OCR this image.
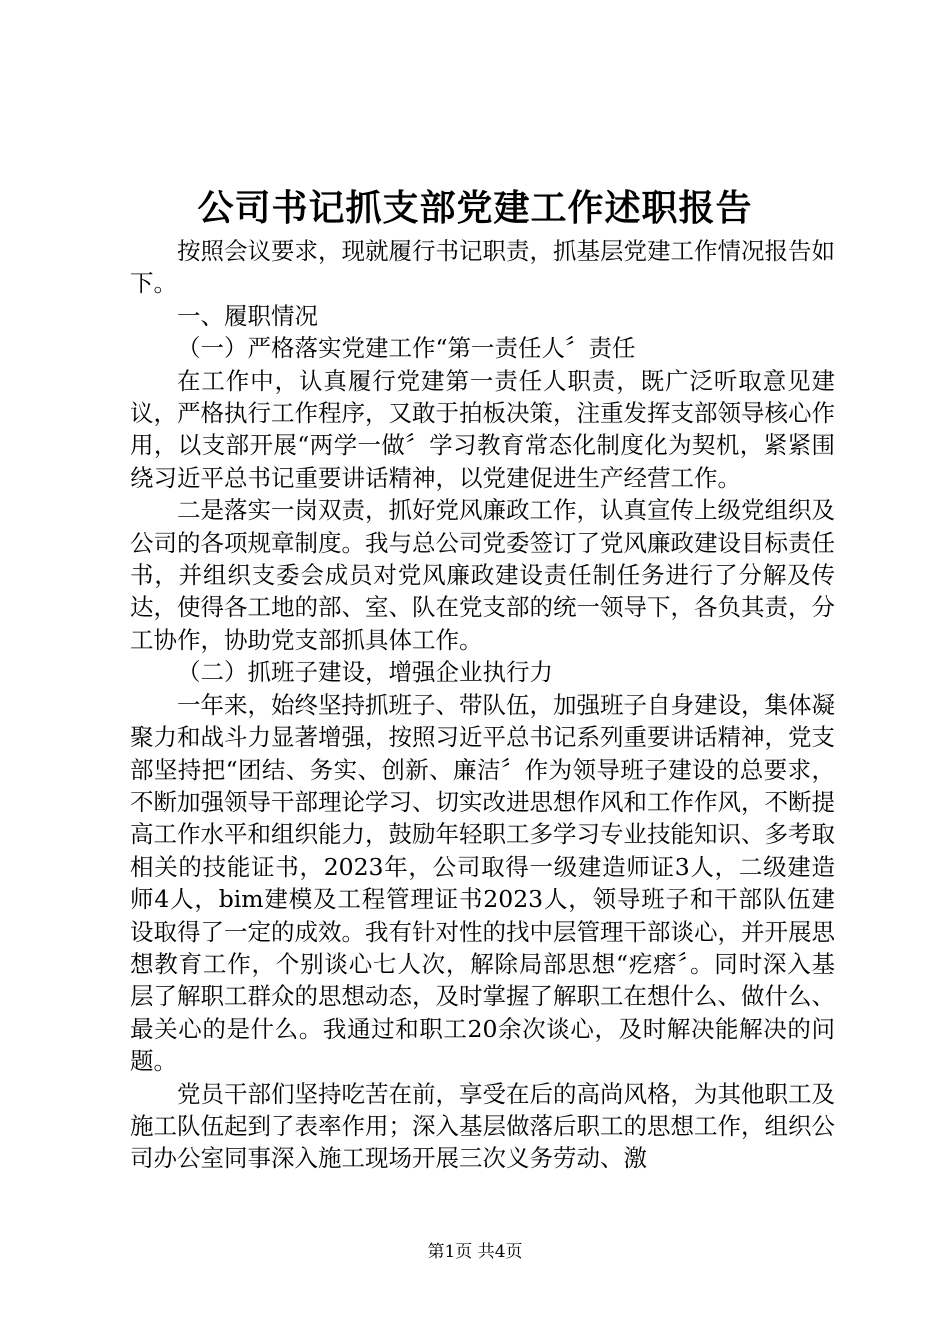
公司书记抓支部党建工作述职报告

按照会议要求，现就履行书记职责，抓基层党建工作情况报告如下。

一、履职情况

（一）严格落实党建工作“第一责任人〞责任

在工作中，认真履行党建第一责任人职责，既广泛听取意见建议，严格执行工作程序，又敢于拍板决策，注重发挥支部领导核心作用，以支部开展“两学一做〞学习教育常态化制度化为契机，紧紧围绕习近平总书记重要讲话精神，以党建促进生产经营工作。

二是落实一岗双责，抓好党风廉政工作，认真宣传上级党组织及公司的各项规章制度。我与总公司党委签订了党风廉政建设目标责任书，并组织支委会成员对党风廉政建设责任制任务进行了分解及传达，使得各工地的部、室、队在党支部的统一领导下，各负其责，分工协作，协助党支部抓具体工作。

（二）抓班子建设，增强企业执行力

一年来，始终坚持抓班子、带队伍，加强班子自身建设，集体凝聚力和战斗力显著增强，按照习近平总书记系列重要讲话精神，党支部坚持把“团结、务实、创新、廉洁〞作为领导班子建设的总要求，不断加强领导干部理论学习、切实改进思想作风和工作作风，不断提高工作水平和组织能力，鼓励年轻职工多学习专业技能知识、多考取相关的技能证书，2023年，公司取得一级建造师证3人，二级建造师4人，bim建模及工程管理证书2023人，领导班子和干部队伍建设取得了一定的成效。我有针对性的找中层管理干部谈心，并开展思想教育工作，个别谈心七人次，解除局部思想“疙瘩〞。同时深入基层了解职工群众的思想动态，及时掌握了解职工在想什么、做什么、最关心的是什么。我通过和职工20余次谈心，及时解决能解决的问题。

党员干部们坚持吃苦在前，享受在后的高尚风格，为其他职工及施工队伍起到了表率作用；深入基层做落后职工的思想工作，组织公司办公室同事深入施工现场开展三次义务劳动、激

第1页 共4页
